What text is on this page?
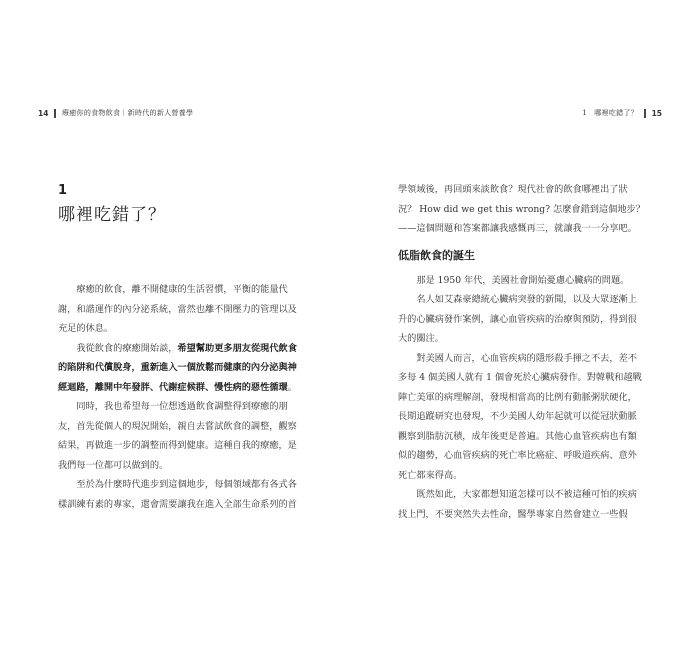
14 療癒你的食物飲食｜新時代的新人營養學
1
哪裡吃錯了？

療癒的飲食，離不開健康的生活習慣，平衡的能量代謝，和諧運作的內分泌系統，當然也離不開壓力的管理以及充足的休息。

我從飲食的療癒開始談，希望幫助更多朋友從現代飲食的陷阱和代償脫身，重新進入一個放鬆而健康的內分泌與神經迴路，離開中年發胖、代謝症候群、慢性病的惡性循環。

同時，我也希望每一位想透過飲食調整得到療癒的朋友，首先從個人的現況開始，親自去嘗試飲食的調整，觀察結果，再做進一步的調整而得到健康。這種自我的療癒，是我們每一位都可以做到的。

至於為什麼時代進步到這個地步，每個領域都有各式各樣訓練有素的專家，還會需要讓我在進入全部生命系列的首

1　哪裡吃錯了？ 15

學領域後，再回頭來談飲食？現代社會的飲食哪裡出了狀況？ How did we get this wrong? 怎麼會錯到這個地步？——這個問題和答案都讓我感慨再三，就讓我一一分享吧。

低脂飲食的誕生

那是 1950 年代，美國社會開始憂慮心臟病的問題。

名人如艾森豪總統心臟病突發的新聞，以及大眾逐漸上升的心臟病發作案例，讓心血管疾病的治療與預防，得到很大的關注。

對美國人而言，心血管疾病的隱形殺手揮之不去，差不多每 4 個美國人就有 1 個會死於心臟病發作。對韓戰和越戰陣亡美軍的病理解剖，發現相當高的比例有動脈粥狀硬化，長期追蹤研究也發現，不少美國人幼年起就可以從冠狀動脈觀察到脂肪沉積，成年後更是普遍。其他心血管疾病也有類似的趨勢，心血管疾病的死亡率比癌症、呼吸道疾病、意外死亡都來得高。

既然如此，大家都想知道怎樣可以不被這種可怕的疾病找上門，不要突然失去性命，醫學專家自然會建立一些假
